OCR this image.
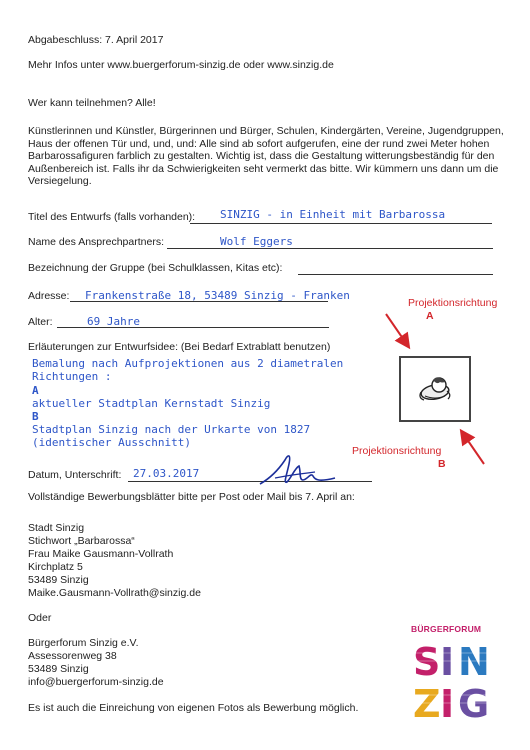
Abgabeschluss: 7. April 2017
Mehr Infos unter www.buergerforum-sinzig.de oder www.sinzig.de
Wer kann teilnehmen? Alle!
Künstlerinnen und Künstler, Bürgerinnen und Bürger, Schulen, Kindergärten, Vereine, Jugendgruppen, Haus der offenen Tür und, und, und: Alle sind ab sofort aufgerufen, eine der rund zwei Meter hohen Barbarossafiguren farblich zu gestalten. Wichtig ist, dass die Gestaltung witterungsbeständig für den Außenbereich ist. Falls ihr da Schwierigkeiten seht vermerkt das bitte. Wir kümmern uns dann um die Versiegelung.
Titel des Entwurfs (falls vorhanden): SINZIG - in Einheit mit Barbarossa
Name des Ansprechpartners:	Wolf Eggers
Bezeichnung der Gruppe (bei Schulklassen, Kitas etc):
Adresse: Frankenstraße 18, 53489 Sinzig - Franken
Alter:	69 Jahre
Erläuterungen zur Entwurfsidee: (Bei Bedarf Extrablatt benutzen)
Bemalung nach Aufprojektionen aus 2 diametralen
Richtungen :
A
aktueller Stadtplan Kernstadt Sinzig
B
Stadtplan Sinzig nach der Urkarte von 1827
(identischer Ausschnitt)
Projektionsrichtung
A
Projektionsrichtung
B
Datum, Unterschrift: 27.03.2017
Vollständige Bewerbungsblätter bitte per Post oder Mail bis 7. April an:
Stadt Sinzig
Stichwort „Barbarossa“
Frau Maike Gausmann-Vollrath
Kirchplatz 5
53489 Sinzig
Maike.Gausmann-Vollrath@sinzig.de
Oder
Bürgerforum Sinzig e.V.
Assessorenweg 38
53489 Sinzig
info@buergerforum-sinzig.de
Es ist auch die Einreichung von eigenen Fotos als Bewerbung möglich.
BÜRGERFORUM
S I N
Z I G
